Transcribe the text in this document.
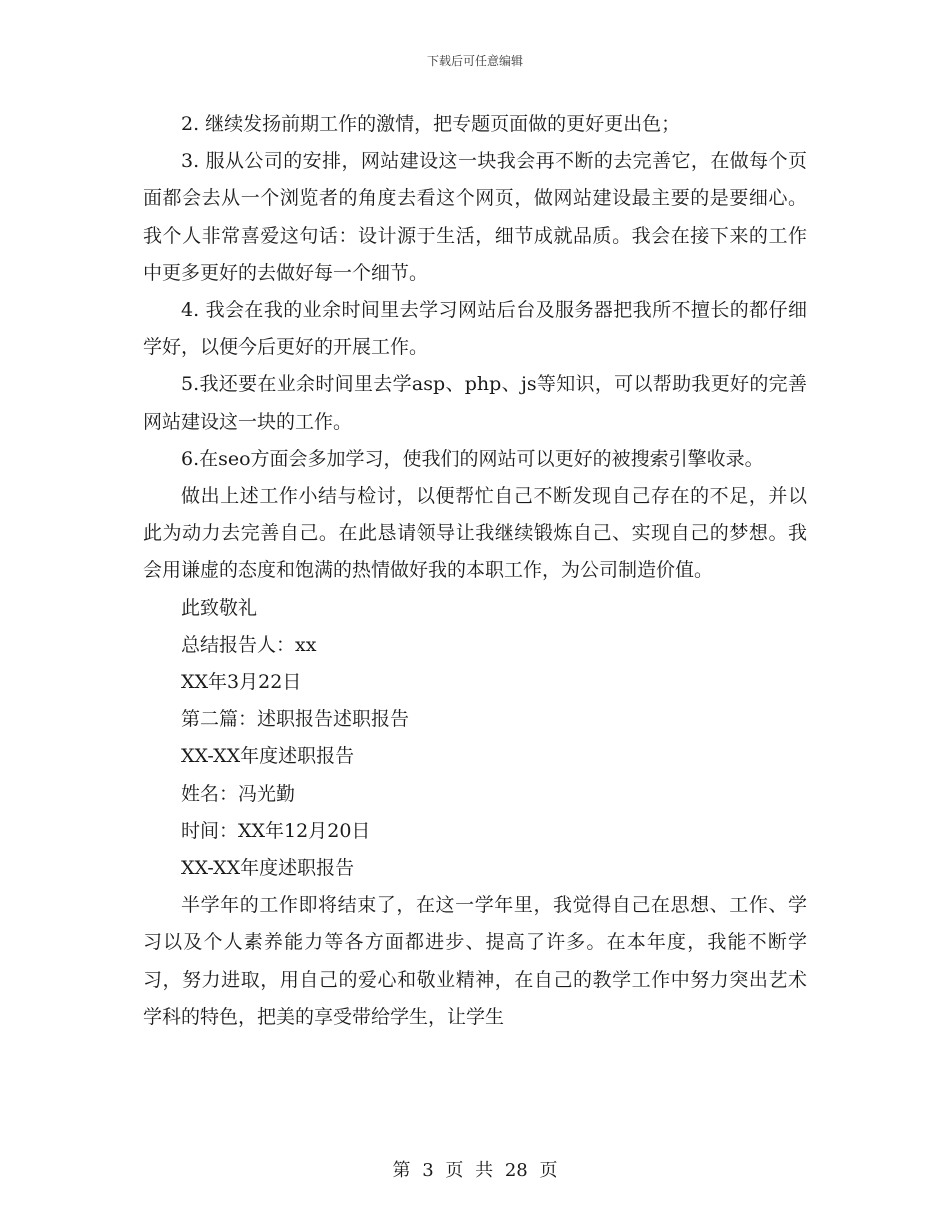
下载后可任意编辑

2. 继续发扬前期工作的激情，把专题页面做的更好更出色；

3. 服从公司的安排，网站建设这一块我会再不断的去完善它，在做每个页面都会去从一个浏览者的角度去看这个网页，做网站建设最主要的是要细心。我个人非常喜爱这句话：设计源于生活，细节成就品质。我会在接下来的工作中更多更好的去做好每一个细节。

4. 我会在我的业余时间里去学习网站后台及服务器把我所不擅长的都仔细学好，以便今后更好的开展工作。

5.我还要在业余时间里去学asp、php、js等知识，可以帮助我更好的完善网站建设这一块的工作。

6.在seo方面会多加学习，使我们的网站可以更好的被搜索引擎收录。

做出上述工作小结与检讨，以便帮忙自己不断发现自己存在的不足，并以此为动力去完善自己。在此恳请领导让我继续锻炼自己、实现自己的梦想。我会用谦虚的态度和饱满的热情做好我的本职工作，为公司制造价值。

此致敬礼

总结报告人：xx

XX年3月22日

第二篇：述职报告述职报告

XX-XX年度述职报告

姓名：冯光勤

时间：XX年12月20日

XX-XX年度述职报告

半学年的工作即将结束了，在这一学年里，我觉得自己在思想、工作、学习以及个人素养能力等各方面都进步、提高了许多。在本年度，我能不断学习，努力进取，用自己的爱心和敬业精神，在自己的教学工作中努力突出艺术学科的特色，把美的享受带给学生，让学生

第 3 页 共 28 页
